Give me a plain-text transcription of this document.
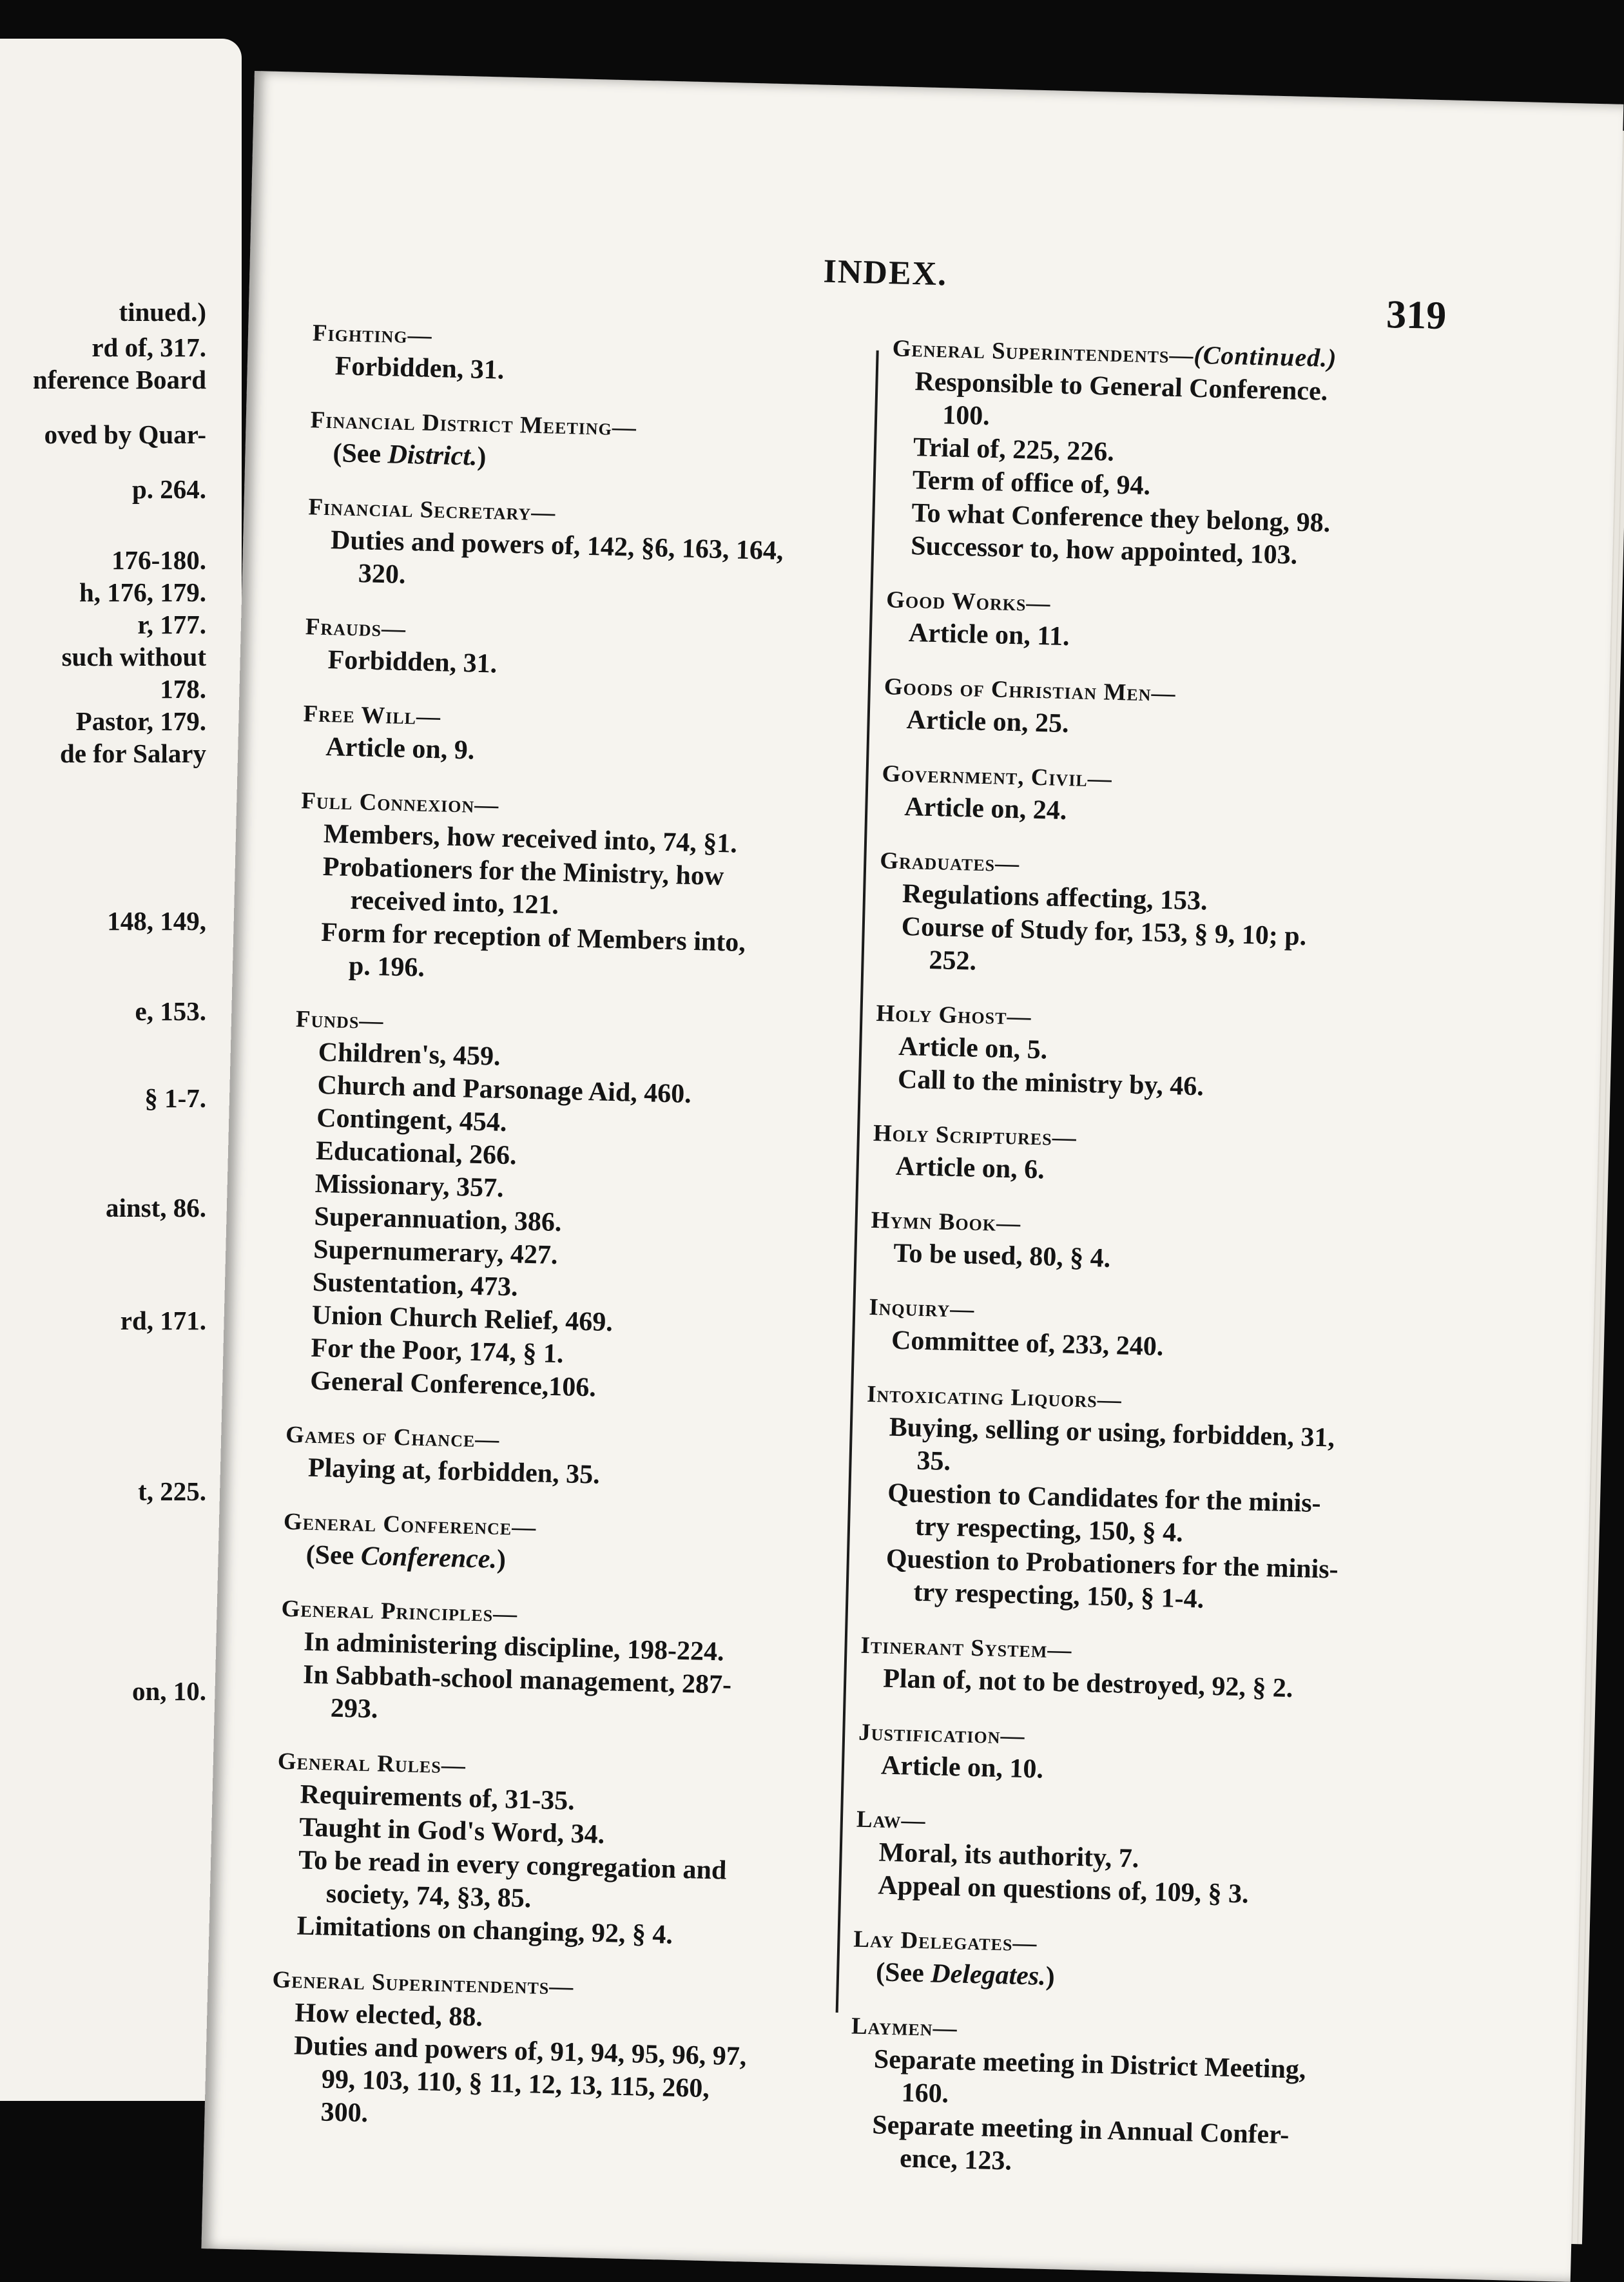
tinued.)
rd of, 317.
nference Board
oved by Quar-
p. 264.
176-180.
h, 176, 179.
r, 177.
such without
178.
Pastor, 179.
de for Salary
148, 149,
e, 153.
§ 1-7.
ainst, 86.
rd, 171.
t, 225.
on, 10.
INDEX.
319
Fighting—
Forbidden, 31.
Financial District Meeting—
(See District.)
Financial Secretary—
Duties and powers of, 142, §6, 163, 164,
320.
Frauds—
Forbidden, 31.
Free Will—
Article on, 9.
Full Connexion—
Members, how received into, 74, §1.
Probationers for the Ministry, how
received into, 121.
Form for reception of Members into,
p. 196.
Funds—
Children's, 459.
Church and Parsonage Aid, 460.
Contingent, 454.
Educational, 266.
Missionary, 357.
Superannuation, 386.
Supernumerary, 427.
Sustentation, 473.
Union Church Relief, 469.
For the Poor, 174, § 1.
General Conference,106.
Games of Chance—
Playing at, forbidden, 35.
General Conference—
(See Conference.)
General Principles—
In administering discipline, 198-224.
In Sabbath-school management, 287-
293.
General Rules—
Requirements of, 31-35.
Taught in God's Word, 34.
To be read in every congregation and
society, 74, §3, 85.
Limitations on changing, 92, § 4.
General Superintendents—
How elected, 88.
Duties and powers of, 91, 94, 95, 96, 97,
99, 103, 110, § 11, 12, 13, 115, 260,
300.
General Superintendents—(Continued.)
Responsible to General Conference.
100.
Trial of, 225, 226.
Term of office of, 94.
To what Conference they belong, 98.
Successor to, how appointed, 103.
Good Works—
Article on, 11.
Goods of Christian Men—
Article on, 25.
Government, Civil—
Article on, 24.
Graduates—
Regulations affecting, 153.
Course of Study for, 153, § 9, 10; p.
252.
Holy Ghost—
Article on, 5.
Call to the ministry by, 46.
Holy Scriptures—
Article on, 6.
Hymn Book—
To be used, 80, § 4.
Inquiry—
Committee of, 233, 240.
Intoxicating Liquors—
Buying, selling or using, forbidden, 31,
35.
Question to Candidates for the minis-
try respecting, 150, § 4.
Question to Probationers for the minis-
try respecting, 150, § 1-4.
Itinerant System—
Plan of, not to be destroyed, 92, § 2.
Justification—
Article on, 10.
Law—
Moral, its authority, 7.
Appeal on questions of, 109, § 3.
Lay Delegates—
(See Delegates.)
Laymen—
Separate meeting in District Meeting,
160.
Separate meeting in Annual Confer-
ence, 123.
